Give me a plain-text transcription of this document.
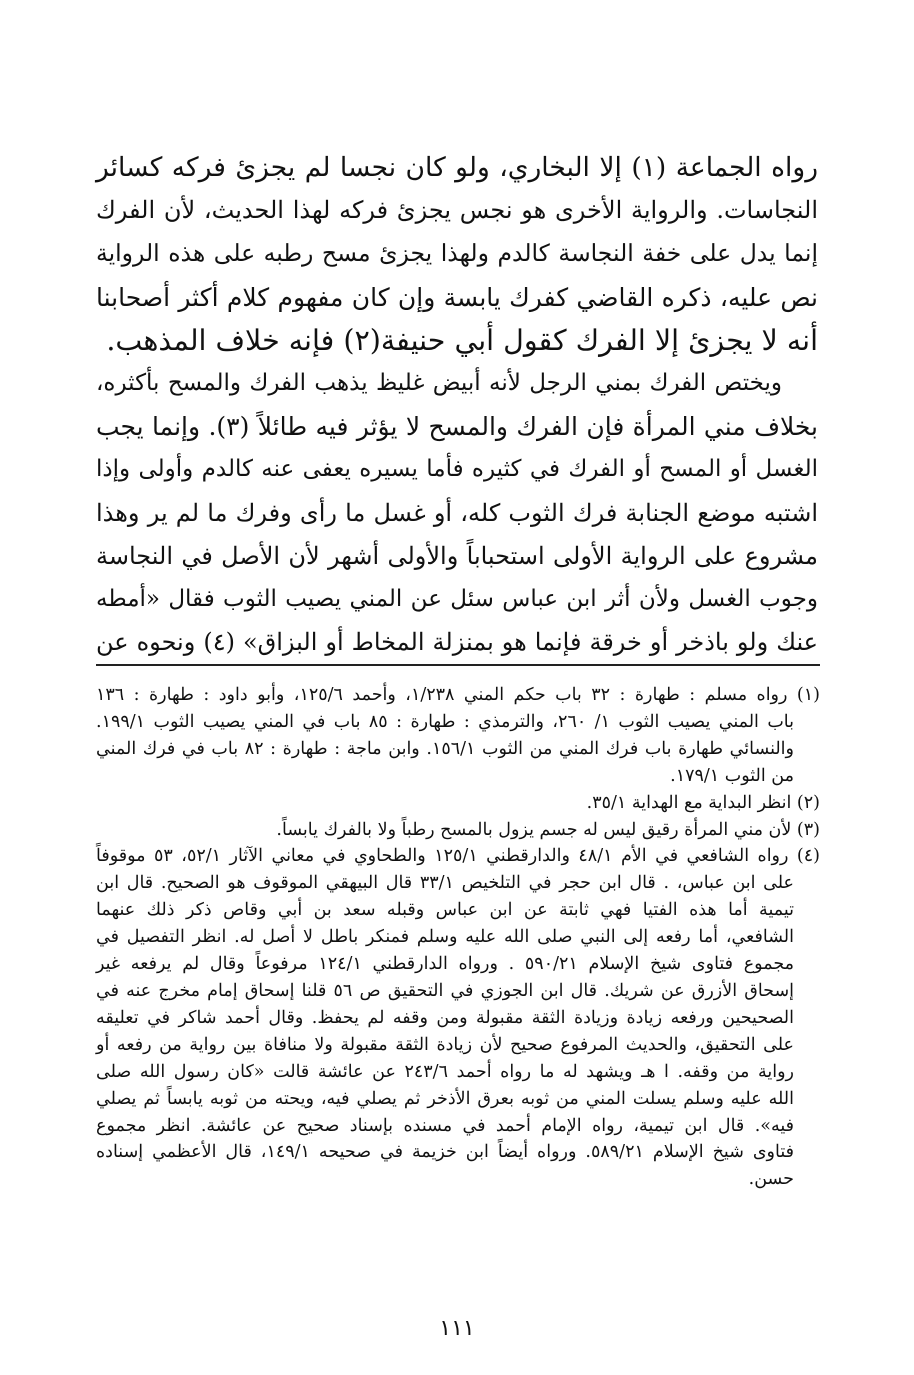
رواه الجماعة (١) إلا البخاري، ولو كان نجسا لم يجزئ فركه كسائر
النجاسات. والرواية الأخرى هو نجس يجزئ فركه لهذا الحديث، لأن الفرك
إنما يدل على خفة النجاسة كالدم ولهذا يجزئ مسح رطبه على هذه الرواية
نص عليه، ذكره القاضي كفرك يابسة وإن كان مفهوم كلام أكثر أصحابنا
أنه لا يجزئ إلا الفرك كقول أبي حنيفة(٢) فإنه خلاف المذهب.
ويختص الفرك بمني الرجل لأنه أبيض غليظ يذهب الفرك والمسح بأكثره،
بخلاف مني المرأة فإن الفرك والمسح لا يؤثر فيه طائلاً (٣). وإنما يجب
الغسل أو المسح أو الفرك في كثيره فأما يسيره يعفى عنه كالدم وأولى وإذا
اشتبه موضع الجنابة فرك الثوب كله، أو غسل ما رأى وفرك ما لم ير وهذا
مشروع على الرواية الأولى استحباباً والأولى أشهر لأن الأصل في النجاسة
وجوب الغسل ولأن أثر ابن عباس سئل عن المني يصيب الثوب فقال «أمطه
عنك ولو باذخر أو خرقة فإنما هو بمنزلة المخاط أو البزاق» (٤) ونحوه عن
(١) رواه مسلم : طهارة : ٣٢ باب حكم المني ١/٢٣٨، وأحمد ١٢٥/٦، وأبو داود : طهارة : ١٣٦
باب المني يصيب الثوب ١/ ٢٦٠، والترمذي : طهارة : ٨٥ باب في المني يصيب الثوب ١٩٩/١.
والنسائي طهارة باب فرك المني من الثوب ١٥٦/١. وابن ماجة : طهارة : ٨٢ باب في فرك المني
من الثوب ١٧٩/١.
(٢) انظر البداية مع الهداية ٣٥/١.
(٣) لأن مني المرأة رقيق ليس له جسم يزول بالمسح رطباً ولا بالفرك يابساً.
(٤) رواه الشافعي في الأم ٤٨/١ والدارقطني ١٢٥/١ والطحاوي في معاني الآثار ٥٢/١، ٥٣ موقوفاً
على ابن عباس، . قال ابن حجر في التلخيص ٣٣/١ قال البيهقي الموقوف هو الصحيح. قال ابن
تيمية أما هذه الفتيا فهي ثابتة عن ابن عباس وقبله سعد بن أبي وقاص ذكر ذلك عنهما
الشافعي، أما رفعه إلى النبي صلى الله عليه وسلم فمنكر باطل لا أصل له. انظر التفصيل في
مجموع فتاوى شيخ الإسلام ٥٩٠/٢١ . ورواه الدارقطني ١٢٤/١ مرفوعاً وقال لم يرفعه غير
إسحاق الأزرق عن شريك. قال ابن الجوزي في التحقيق ص ٥٦ قلنا إسحاق إمام مخرج عنه في
الصحيحين ورفعه زيادة وزيادة الثقة مقبولة ومن وقفه لم يحفظ. وقال أحمد شاكر في تعليقه
على التحقيق، والحديث المرفوع صحيح لأن زيادة الثقة مقبولة ولا منافاة بين رواية من رفعه أو
رواية من وقفه. ا هـ ويشهد له ما رواه أحمد ٢٤٣/٦ عن عائشة قالت «كان رسول الله صلى
الله عليه وسلم يسلت المني من ثوبه بعرق الأذخر ثم يصلي فيه، ويحته من ثوبه يابساً ثم يصلي
فيه». قال ابن تيمية، رواه الإمام أحمد في مسنده بإسناد صحيح عن عائشة. انظر مجموع
فتاوى شيخ الإسلام ٥٨٩/٢١. ورواه أيضاً ابن خزيمة في صحيحه ١٤٩/١، قال الأعظمي إسناده
حسن.
١١١
